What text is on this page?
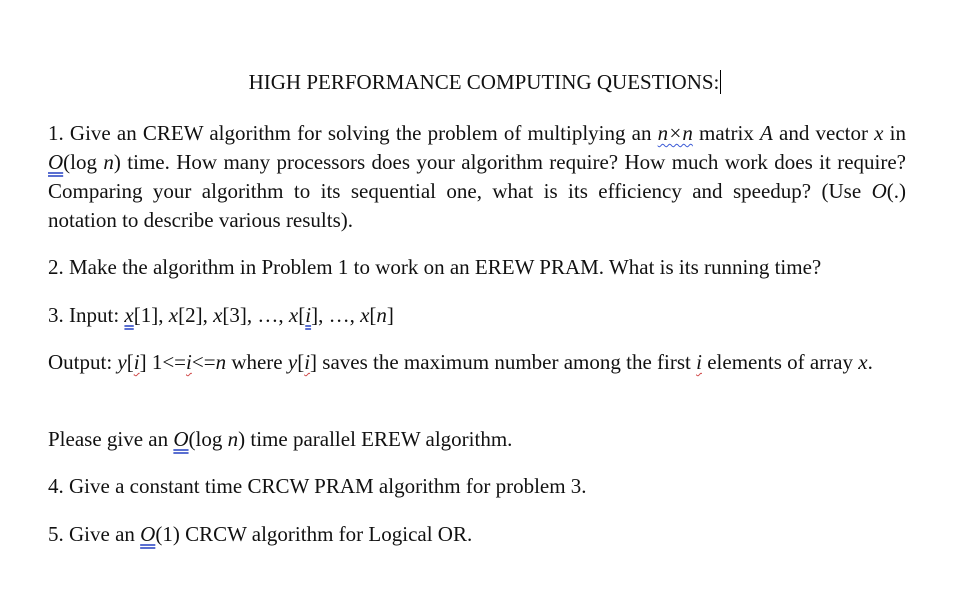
HIGH PERFORMANCE COMPUTING QUESTIONS:
1. Give an CREW algorithm for solving the problem of multiplying an n×n matrix A and vector x in O(log n) time. How many processors does your algorithm require? How much work does it require? Comparing your algorithm to its sequential one, what is its efficiency and speedup? (Use O(.) notation to describe various results).
2. Make the algorithm in Problem 1 to work on an EREW PRAM. What is its running time?
3. Input: x[1], x[2], x[3], …, x[i], …, x[n]
Output: y[i] 1<=i<=n where y[i] saves the maximum number among the first i elements of array x.
Please give an O(log n) time parallel EREW algorithm.
4. Give a constant time CRCW PRAM algorithm for problem 3.
5. Give an O(1) CRCW algorithm for Logical OR.
